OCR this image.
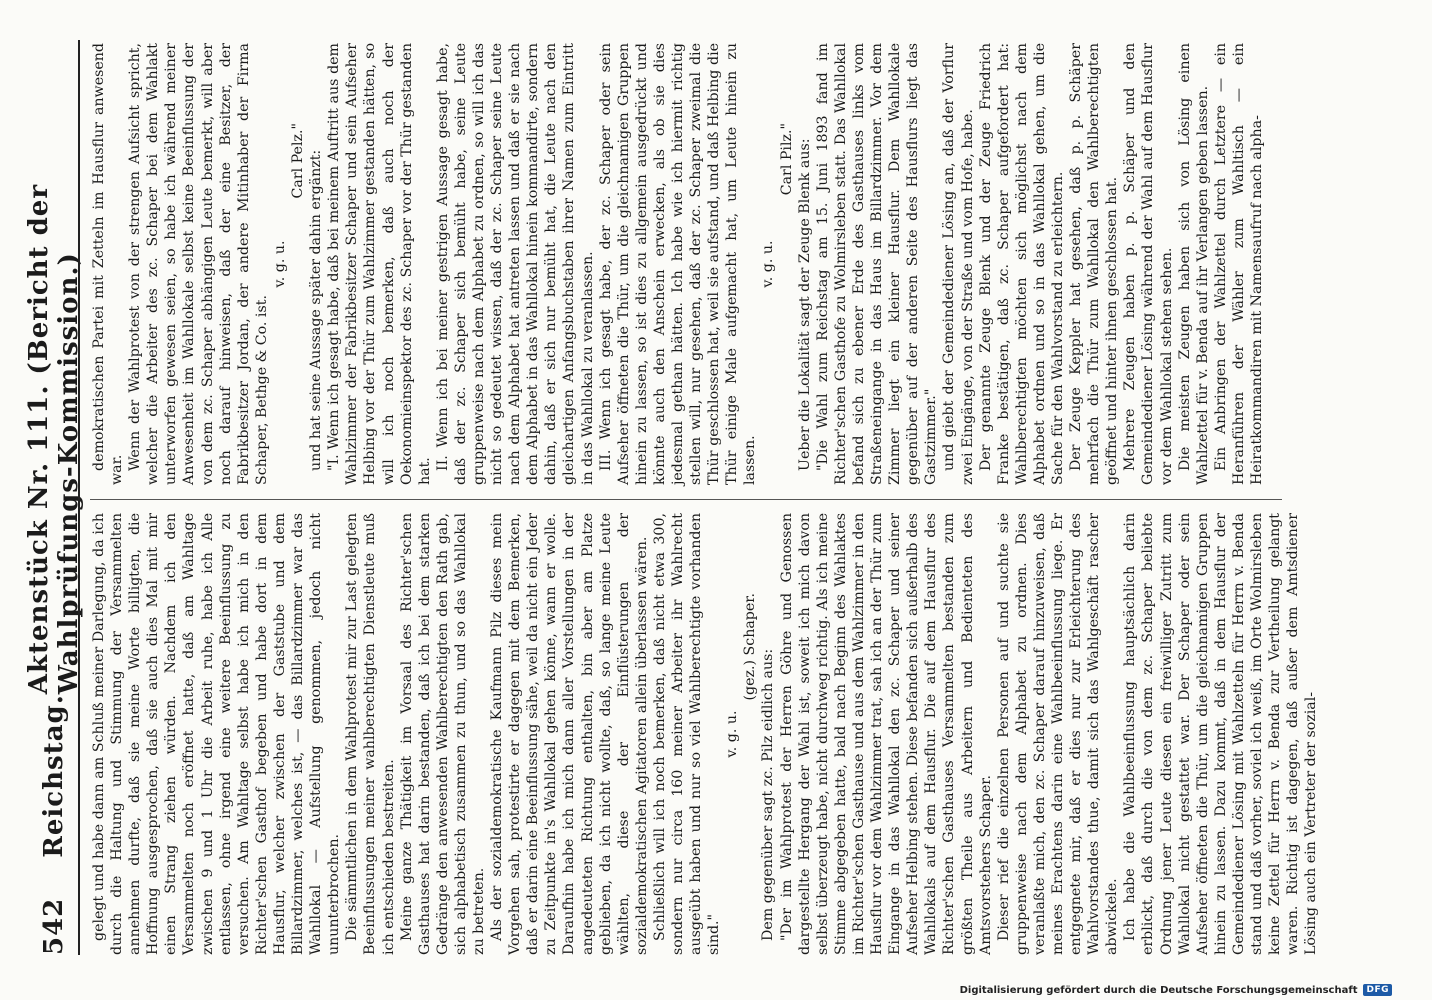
542
Reichstag.
Aktenstück Nr. 111. (Bericht der Wahlprüfungs-Kommission.)

gelegt und habe dann am Schluß meiner Darlegung, da ich durch die Haltung und Stimmung der Versammelten annehmen durfte, daß sie meine Worte billigten, die Hoffnung ausgesprochen, daß sie auch dies Mal mit mir einen Strang ziehen würden. Nachdem ich den Versammelten noch eröffnet hatte, daß am Wahltage zwischen 9 und 1 Uhr die Arbeit ruhe, habe ich Alle entlassen, ohne irgend eine weitere Beeinflussung zu versuchen. Am Wahltage selbst habe ich mich in den Richter'schen Gasthof begeben und habe dort in dem Hausflur, welcher zwischen der Gaststube und dem Billardzimmer, welches ist, — das Billardzimmer war das Wahllokal — Aufstellung genommen, jedoch nicht ununterbrochen. Die sämmtlichen in dem Wahlprotest mir zur Last gelegten Beeinflussungen meiner wahlberechtigten Dienstleute muß ich entschieden bestreiten. Meine ganze Thätigkeit im Vorsaal des Richter'schen Gasthauses hat darin bestanden, daß ich bei dem starken Gedränge den anwesenden Wahlberechtigten den Rath gab, sich alphabetisch zusammen zu thun, und so das Wahllokal zu betreten. Als der sozialdemokratische Kaufmann Pilz dieses mein Vorgehen sah, protestirte er dagegen mit dem Bemerken, daß er darin eine Beeinflussung sähe, weil da nicht ein Jeder zu Zeitpunkte in's Wahllokal gehen könne, wann er wolle. Daraufhin habe ich mich dann aller Vorstellungen in der angedeuteten Richtung enthalten, bin aber am Platze geblieben, da ich nicht wollte, daß, so lange meine Leute wählten, diese der Einflüsterungen der sozialdemokratischen Agitatoren allein überlassen wären. Schließlich will ich noch bemerken, daß nicht etwa 300, sondern nur circa 160 meiner Arbeiter ihr Wahlrecht ausgeübt haben und nur so viel Wahlberechtigte vorhanden sind."

v. g. u.

(gez.) Schaper.

Dem gegenüber sagt zc. Pilz eidlich aus: "Der im Wahlprotest der Herren Göhre und Genossen dargestellte Hergang der Wahl ist, soweit ich mich davon selbst überzeugt habe, nicht durchweg richtig. Als ich meine Stimme abgegeben hatte, bald nach Beginn des Wahlaktes im Richter'schen Gasthause und aus dem Wahlzimmer in den Hausflur vor dem Wahlzimmer trat, sah ich an der Thür zum Eingange in das Wahllokal den zc. Schaper und seiner Aufseher Helbing stehen. Diese befanden sich außerhalb des Wahllokals auf dem Hausflur. Die auf dem Hausflur des Richter'schen Gasthauses Versammelten bestanden zum größten Theile aus Arbeitern und Bedienteten des Amtsvorstehers Schaper. Dieser rief die einzelnen Personen auf und suchte sie gruppenweise nach dem Alphabet zu ordnen. Dies veranlaßte mich, den zc. Schaper darauf hinzuweisen, daß meines Erachtens darin eine Wahlbeeinflussung liege. Er entgegnete mir, daß er dies nur zur Erleichterung des Wahlvorstandes thue, damit sich das Wahlgeschäft rascher abwickele. Ich habe die Wahlbeeinflussung hauptsächlich darin erblickt, daß durch die von dem zc. Schaper beliebte Ordnung jener Leute diesen ein freiwilliger Zutritt zum Wahllokal nicht gestattet war. Der Schaper oder sein Aufseher öffneten die Thür, um die gleichnamigen Gruppen hinein zu lassen. Dazu kommt, daß in dem Hausflur der Gemeindediener Lösing mit Wahlzetteln für Herrn v. Benda stand und daß vorher, soviel ich weiß, im Orte Wolmirsleben keine Zettel für Herrn v. Benda zur Vertheilung gelangt waren. Richtig ist dagegen, daß außer dem Amtsdiener Lösing auch ein Vertreter der sozial-

demokratischen Partei mit Zetteln im Hausflur anwesend war. Wenn der Wahlprotest von der strengen Aufsicht spricht, welcher die Arbeiter des zc. Schaper bei dem Wahlakt unterworfen gewesen seien, so habe ich während meiner Anwesenheit im Wahllokale selbst keine Beeinflussung der von dem zc. Schaper abhängigen Leute bemerkt, will aber noch darauf hinweisen, daß der eine Besitzer, der Fabrikbesitzer Jordan, der andere Mitinhaber der Firma Schaper, Bethge & Co. ist.

v. g. u.

Carl Pelz." und hat seine Aussage später dahin ergänzt: "I. Wenn ich gesagt habe, daß bei meinem Auftritt aus dem Wahlzimmer der Fabrikbesitzer Schaper und sein Aufseher Helbing vor der Thür zum Wahlzimmer gestanden hätten, so will ich noch bemerken, daß auch noch der Oekonomieinspektor des zc. Schaper vor der Thür gestanden hat.

II. Wenn ich bei meiner gestrigen Aussage gesagt habe, daß der zc. Schaper sich bemüht habe, seine Leute gruppenweise nach dem Alphabet zu ordnen, so will ich das nicht so gedeutet wissen, daß der zc. Schaper seine Leute nach dem Alphabet hat antreten lassen und daß er sie nach dem Alphabet in das Wahllokal hinein kommandirte, sondern dahin, daß er sich nur bemüht hat, die Leute nach den gleichartigen Anfangsbuchstaben ihrer Namen zum Eintritt in das Wahllokal zu veranlassen. III. Wenn ich gesagt habe, der zc. Schaper oder sein Aufseher öffneten die Thür, um die gleichnamigen Gruppen hinein zu lassen, so ist dies zu allgemein ausgedrückt und könnte auch den Anschein erwecken, als ob sie dies jedesmal gethan hätten. Ich habe wie ich hiermit richtig stellen will, nur gesehen, daß der zc. Schaper zweimal die Thür geschlossen hat, weil sie aufstand, und daß Helbing die Thür einige Male aufgemacht hat, um Leute hinein zu lassen.

v. g. u.

Carl Pilz." Ueber die Lokalität sagt der Zeuge Blenk aus: "Die Wahl zum Reichstag am 15. Juni 1893 fand im Richter'schen Gasthofe zu Wolmirsleben statt. Das Wahllokal befand sich zu ebener Erde des Gasthauses links vom Straßeneingange in das Haus im Billardzimmer. Vor dem Zimmer liegt ein kleiner Hausflur. Dem Wahllokale gegenüber auf der anderen Seite des Hausflurs liegt das Gastzimmer." und giebt der Gemeindediener Lösing an, daß der Vorflur zwei Eingänge, von der Straße und vom Hofe, habe. Der genannte Zeuge Blenk und der Zeuge Friedrich Franke bestätigen, daß zc. Schaper aufgefordert hat: Wahlberechtigten möchten sich möglichst nach dem Alphabet ordnen und so in das Wahllokal gehen, um die Sache für den Wahlvorstand zu erleichtern. Der Zeuge Keppler hat gesehen, daß p. p. Schäper mehrfach die Thür zum Wahllokal den Wahlberechtigten geöffnet und hinter ihnen geschlossen hat. Mehrere Zeugen haben p. p. Schäper und den Gemeindediener Lösing während der Wahl auf dem Hausflur vor dem Wahllokal stehen sehen. Die meisten Zeugen haben sich von Lösing einen Wahlzettel für v. Benda auf ihr Verlangen geben lassen. Ein Anbringen der Wahlzettel durch Letztere — ein Heranführen der Wähler zum Wahltisch — ein Heiratkommandiren mit Namensaufruf nach alpha-

Digitalisierung gefördert durch die Deutsche Forschungsgemeinschaft	DFG
